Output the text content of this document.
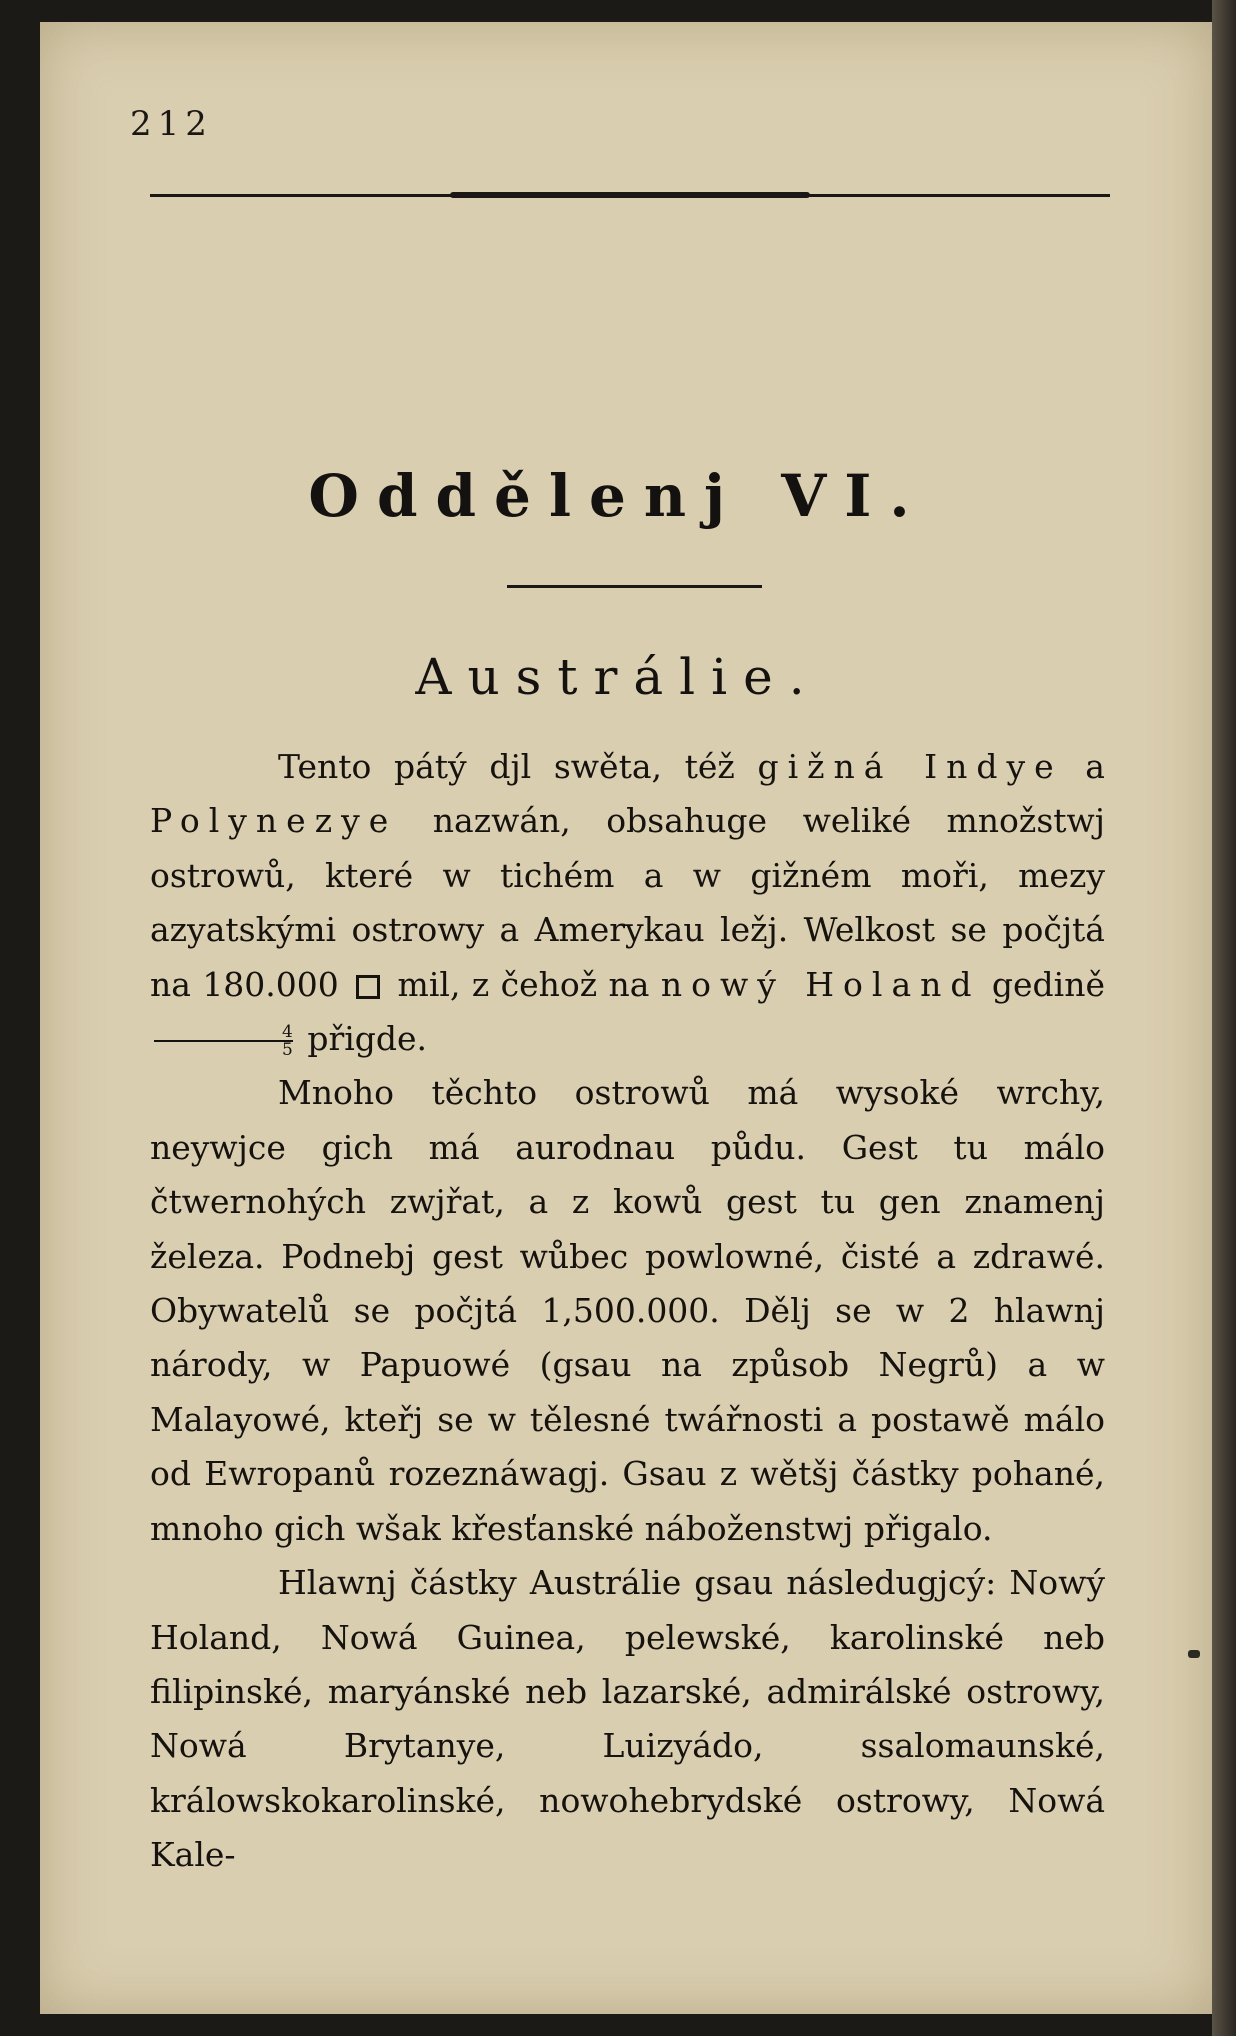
212
Oddělenj VI.
Austrálie.

Tento pátý djl swěta, též gižná Indye a Polynezye nazwán, obsahuge weliké množstwj ostrowů, které w tichém a w gižném moři, mezy azyatskými ostrowy a Amerykau ležj. Welkost se počjtá na 180.000  mil, z čehož na nowý Holand gedině $\frac{4}{5}$ přigde.

Mnoho těchto ostrowů má wysoké wrchy, neywjce gich má aurodnau půdu. Gest tu málo čtwernohých zwjřat, a z kowů gest tu gen znamenj železa. Podnebj gest wůbec powlowné, čisté a zdrawé. Obywatelů se počjtá 1,500.000. Dělj se w 2 hlawnj národy, w Papuowé (gsau na způsob Negrů) a w Malayowé, kteřj se w tělesné twářnosti a postawě málo od Ewropanů rozeznáwagj. Gsau z wětšj částky pohané, mnoho gich wšak křesťanské náboženstwj přigalo.

Hlawnj částky Austrálie gsau následugjcý: Nowý Holand, Nowá Guinea, pelewské, karolinské neb filipinské, maryánské neb lazarské, admirálské ostrowy, Nowá Brytanye, Luizyádo, ssalomaunské, králowskokarolinské, nowohebrydské ostrowy, Nowá Kale-
